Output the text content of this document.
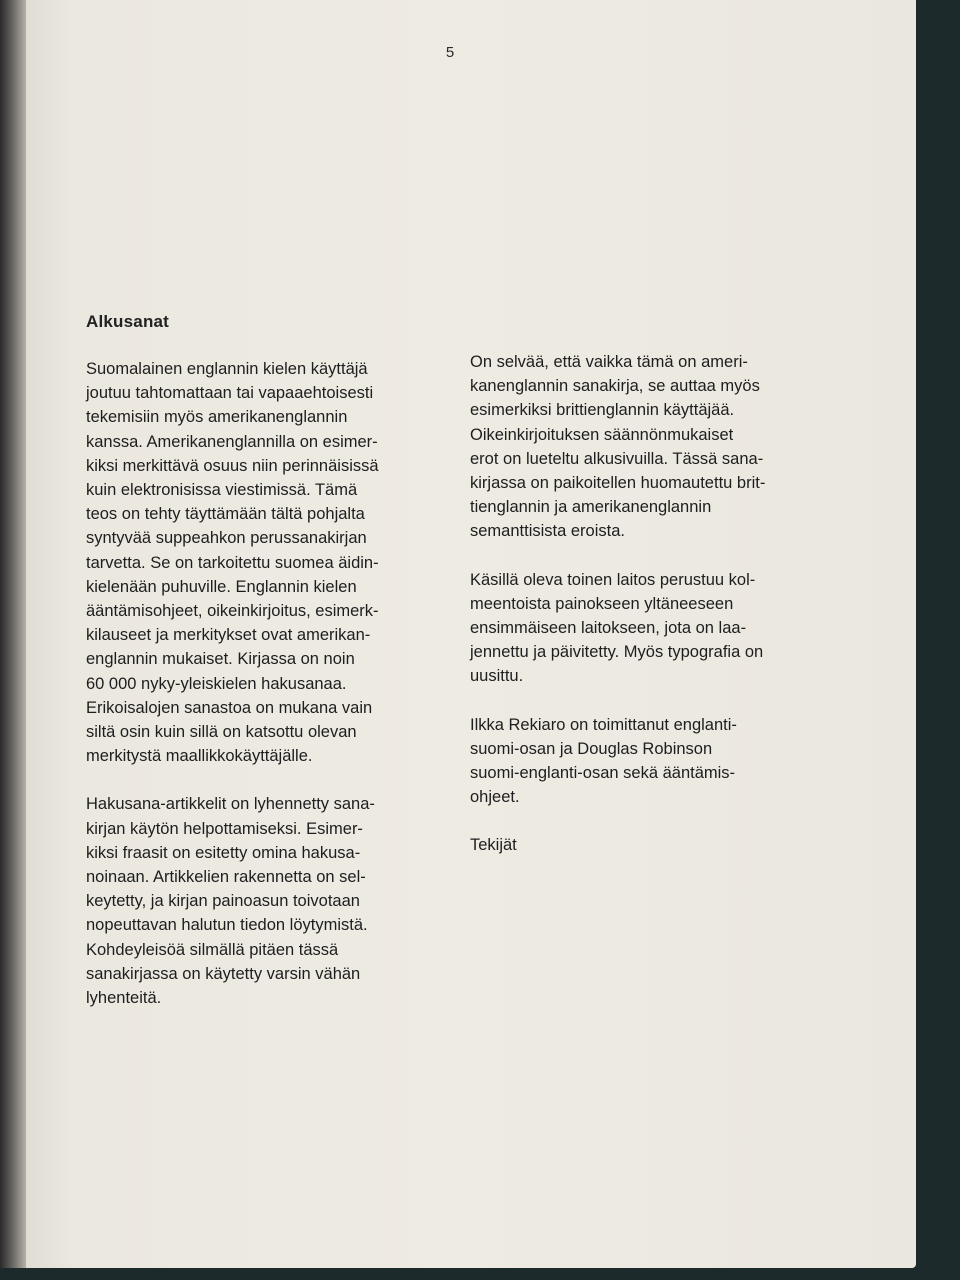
5
Alkusanat
Suomalainen englannin kielen käyttäjä
joutuu tahtomattaan tai vapaaehtoisesti
tekemisiin myös amerikanenglannin
kanssa. Amerikanenglannilla on esimer-
kiksi merkittävä osuus niin perinnäisissä
kuin elektronisissa viestimissä. Tämä
teos on tehty täyttämään tältä pohjalta
syntyvää suppeahkon perussanakirjan
tarvetta. Se on tarkoitettu suomea äidin-
kielenään puhuville. Englannin kielen
ääntämisohjeet, oikeinkirjoitus, esimerk-
kilauseet ja merkitykset ovat amerikan-
englannin mukaiset. Kirjassa on noin
60 000 nyky-yleiskielen hakusanaa.
Erikoisalojen sanastoa on mukana vain
siltä osin kuin sillä on katsottu olevan
merkitystä maallikkokäyttäjälle.
Hakusana-artikkelit on lyhennetty sana-
kirjan käytön helpottamiseksi. Esimer-
kiksi fraasit on esitetty omina hakusa-
noinaan. Artikkelien rakennetta on sel-
keytetty, ja kirjan painoasun toivotaan
nopeuttavan halutun tiedon löytymistä.
Kohdeyleisöä silmällä pitäen tässä
sanakirjassa on käytetty varsin vähän
lyhenteitä.
On selvää, että vaikka tämä on ameri-
kanenglannin sanakirja, se auttaa myös
esimerkiksi brittienglannin käyttäjää.
Oikeinkirjoituksen säännönmukaiset
erot on lueteltu alkusivuilla. Tässä sana-
kirjassa on paikoitellen huomautettu brit-
tienglannin ja amerikanenglannin
semanttisista eroista.
Käsillä oleva toinen laitos perustuu kol-
meentoista painokseen yltäneeseen
ensimmäiseen laitokseen, jota on laa-
jennettu ja päivitetty. Myös typografia on
uusittu.
Ilkka Rekiaro on toimittanut englanti-
suomi-osan ja Douglas Robinson
suomi-englanti-osan sekä ääntämis-
ohjeet.
Tekijät
